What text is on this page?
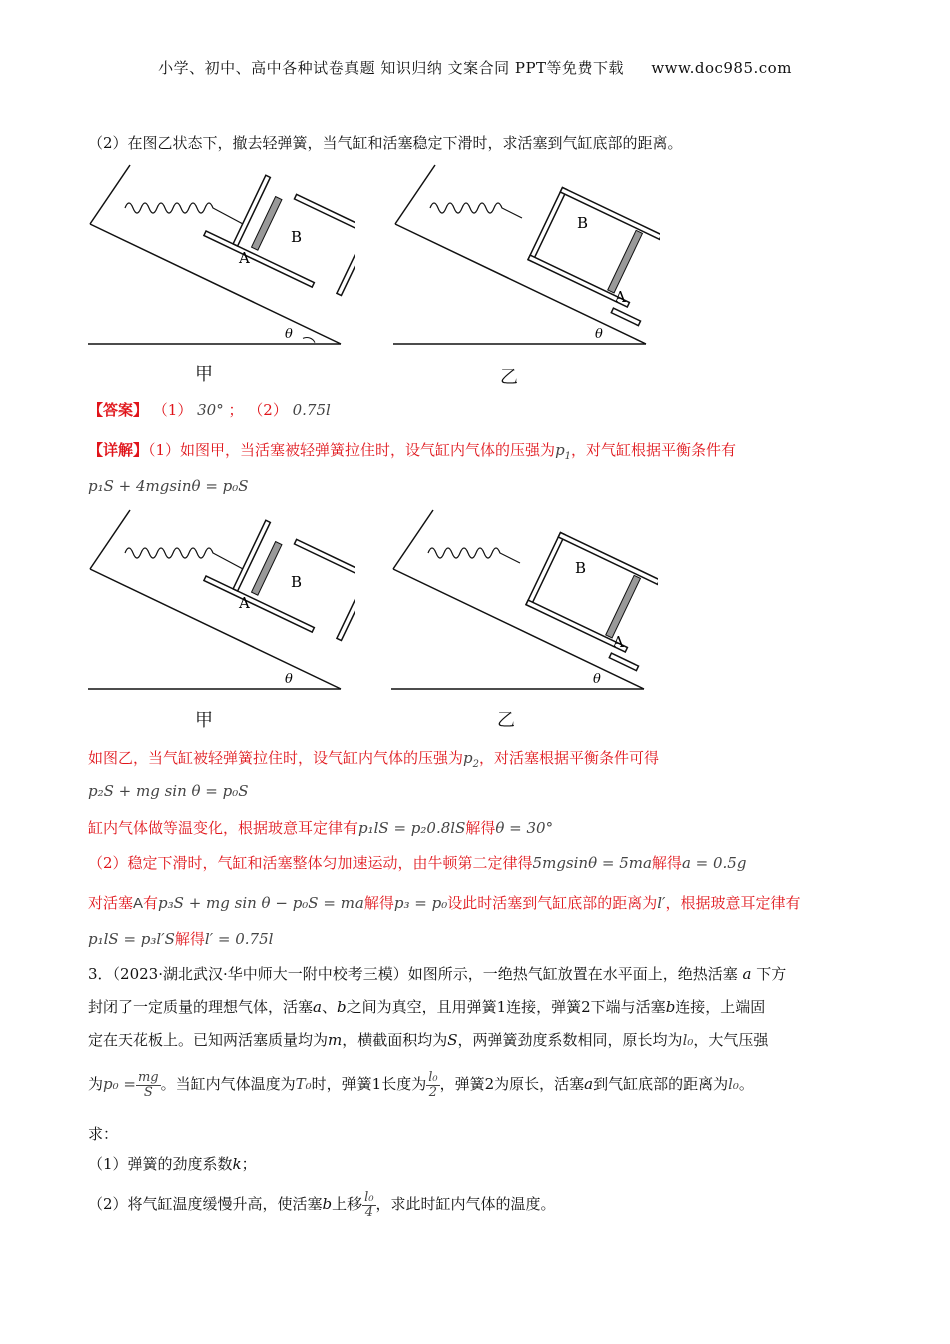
小学、初中、高中各种试卷真题 知识归纳 文案合同 PPT等免费下载 www.doc985.com
（2）在图乙状态下，撤去轻弹簧，当气缸和活塞稳定下滑时，求活塞到气缸底部的距离。
θ
A
B
甲
θ
B
A
乙
【答案】 （1） 30° ； （2） 0.75l
【详解】（1）如图甲，当活塞被轻弹簧拉住时，设气缸内气体的压强为$p_1$，对气缸根据平衡条件有
p₁S + 4mgsinθ = p₀S
θ
A
B
甲
θ
B
A
乙
如图乙，当气缸被轻弹簧拉住时，设气缸内气体的压强为$p_2$，对活塞根据平衡条件可得
p₂S + mg sin θ = p₀S
缸内气体做等温变化，根据玻意耳定律有p₁lS = p₂0.8lS解得θ = 30°
（2）稳定下滑时，气缸和活塞整体匀加速运动，由牛顿第二定律得5mgsinθ = 5ma解得a = 0.5g
对活塞A有p₃S + mg sin θ − p₀S = ma解得p₃ = p₀设此时活塞到气缸底部的距离为l′，根据玻意耳定律有
p₁lS = p₃l′S解得l′ = 0.75l
3．（2023·湖北武汉·华中师大一附中校考三模）如图所示，一绝热气缸放置在水平面上，绝热活塞 a 下方
封闭了一定质量的理想气体，活塞a、b之间为真空，且用弹簧1连接，弹簧2下端与活塞b连接，上端固
定在天花板上。已知两活塞质量均为m，横截面积均为S，两弹簧劲度系数相同，原长均为l₀，大气压强
为$p_0 = \frac{mg}{S}$ 。当缸内气体温度为T₀时，弹簧1长度为 $\frac{\text{l₀}}{2}$ ，弹簧2为原长，活塞a到气缸底部的距离为l₀。
求：
（1）弹簧的劲度系数k；
（2）将气缸温度缓慢升高，使活塞b上移 $\frac{\text{l₀}}{4}$ ，求此时缸内气体的温度。
